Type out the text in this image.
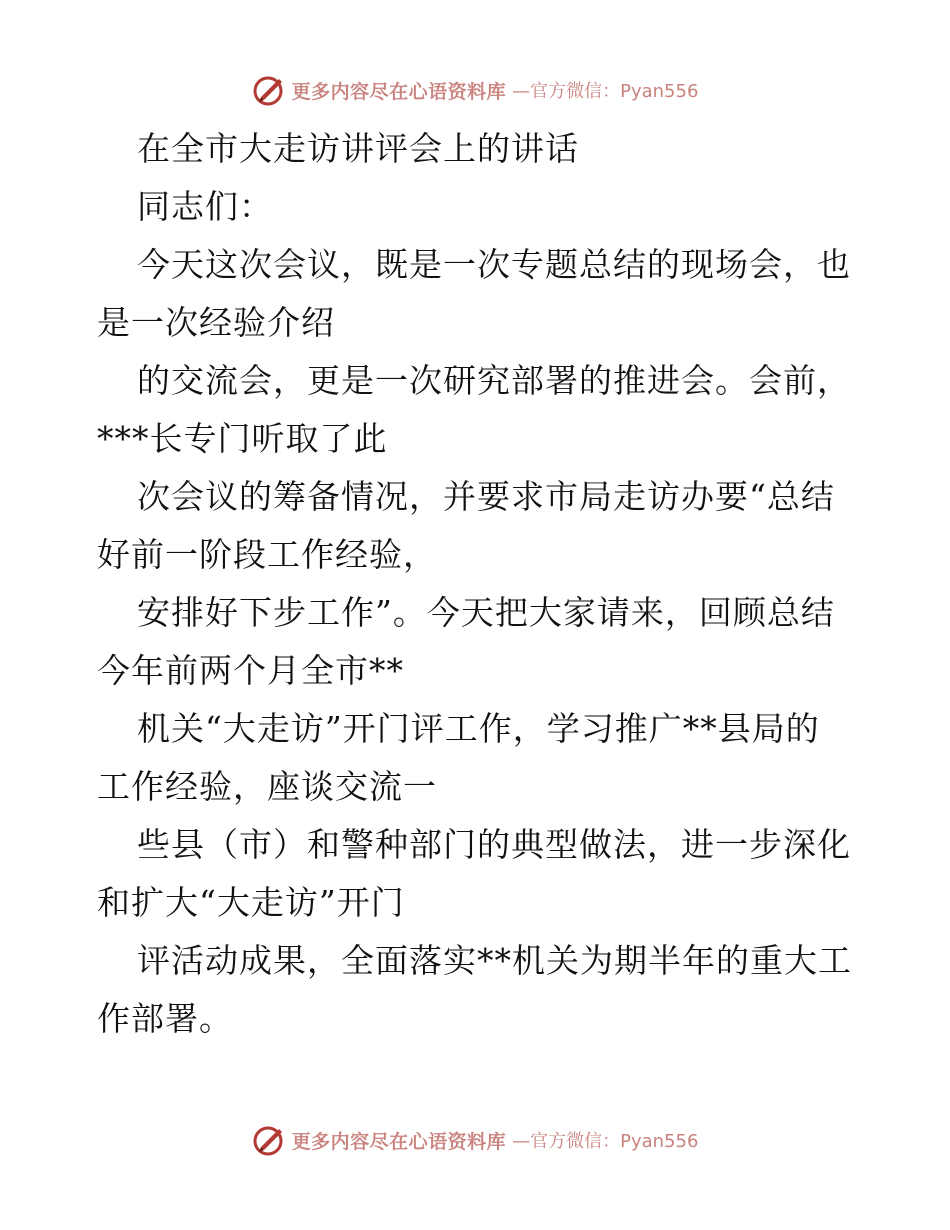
更多内容尽在心语资料库 —官方微信：Pyan556
在全市大走访讲评会上的讲话
同志们：
今天这次会议，既是一次专题总结的现场会，也
是一次经验介绍
的交流会，更是一次研究部署的推进会。会前，
***长专门听取了此
次会议的筹备情况，并要求市局走访办要“总结
好前一阶段工作经验，
安排好下步工作”。今天把大家请来，回顾总结
今年前两个月全市**
机关“大走访”开门评工作，学习推广**县局的
工作经验，座谈交流一
些县（市）和警种部门的典型做法，进一步深化
和扩大“大走访”开门
评活动成果，全面落实**机关为期半年的重大工
作部署。
更多内容尽在心语资料库 —官方微信：Pyan556
